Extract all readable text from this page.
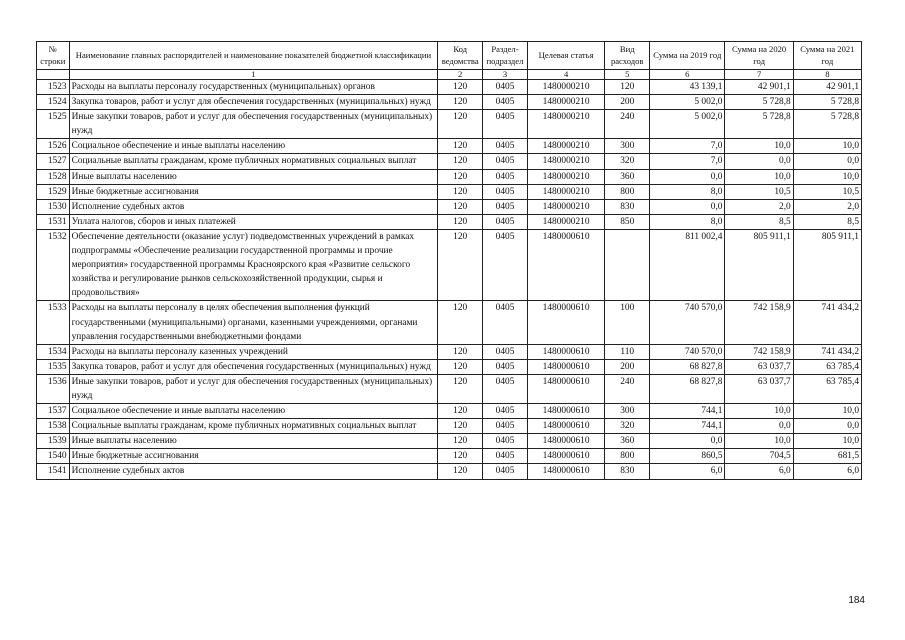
№ строки	Наименование главных распорядителей и наименование показателей бюджетной классификации	Код ведомства	Раздел-подраздел	Целевая статья	Вид расходов	Сумма на 2019 год	Сумма на 2020 год	Сумма на 2021 год
	1	2	3	4	5	6	7	8
1523	Расходы на выплаты персоналу государственных (муниципальных) органов	120	0405	1480000210	120	43 139,1	42 901,1	42 901,1
1524	Закупка товаров, работ и услуг для обеспечения государственных (муниципальных) нужд	120	0405	1480000210	200	5 002,0	5 728,8	5 728,8
1525	Иные закупки товаров, работ и услуг для обеспечения государственных (муниципальных) нужд	120	0405	1480000210	240	5 002,0	5 728,8	5 728,8
1526	Социальное обеспечение и иные выплаты населению	120	0405	1480000210	300	7,0	10,0	10,0
1527	Социальные выплаты гражданам, кроме публичных нормативных социальных выплат	120	0405	1480000210	320	7,0	0,0	0,0
1528	Иные выплаты населению	120	0405	1480000210	360	0,0	10,0	10,0
1529	Иные бюджетные ассигнования	120	0405	1480000210	800	8,0	10,5	10,5
1530	Исполнение судебных актов	120	0405	1480000210	830	0,0	2,0	2,0
1531	Уплата налогов, сборов и иных платежей	120	0405	1480000210	850	8,0	8,5	8,5
1532	Обеспечение деятельности (оказание услуг) подведомственных учреждений в рамках подпрограммы «Обеспечение реализации государственной программы и прочие мероприятия» государственной программы Красноярского края «Развитие сельского хозяйства и регулирование рынков сельскохозяйственной продукции, сырья и продовольствия»	120	0405	1480000610		811 002,4	805 911,1	805 911,1
1533	Расходы на выплаты персоналу в целях обеспечения выполнения функций государственными (муниципальными) органами, казенными учреждениями, органами управления государственными внебюджетными фондами	120	0405	1480000610	100	740 570,0	742 158,9	741 434,2
1534	Расходы на выплаты персоналу казенных учреждений	120	0405	1480000610	110	740 570,0	742 158,9	741 434,2
1535	Закупка товаров, работ и услуг для обеспечения государственных (муниципальных) нужд	120	0405	1480000610	200	68 827,8	63 037,7	63 785,4
1536	Иные закупки товаров, работ и услуг для обеспечения государственных (муниципальных) нужд	120	0405	1480000610	240	68 827,8	63 037,7	63 785,4
1537	Социальное обеспечение и иные выплаты населению	120	0405	1480000610	300	744,1	10,0	10,0
1538	Социальные выплаты гражданам, кроме публичных нормативных социальных выплат	120	0405	1480000610	320	744,1	0,0	0,0
1539	Иные выплаты населению	120	0405	1480000610	360	0,0	10,0	10,0
1540	Иные бюджетные ассигнования	120	0405	1480000610	800	860,5	704,5	681,5
1541	Исполнение судебных актов	120	0405	1480000610	830	6,0	6,0	6,0
184
